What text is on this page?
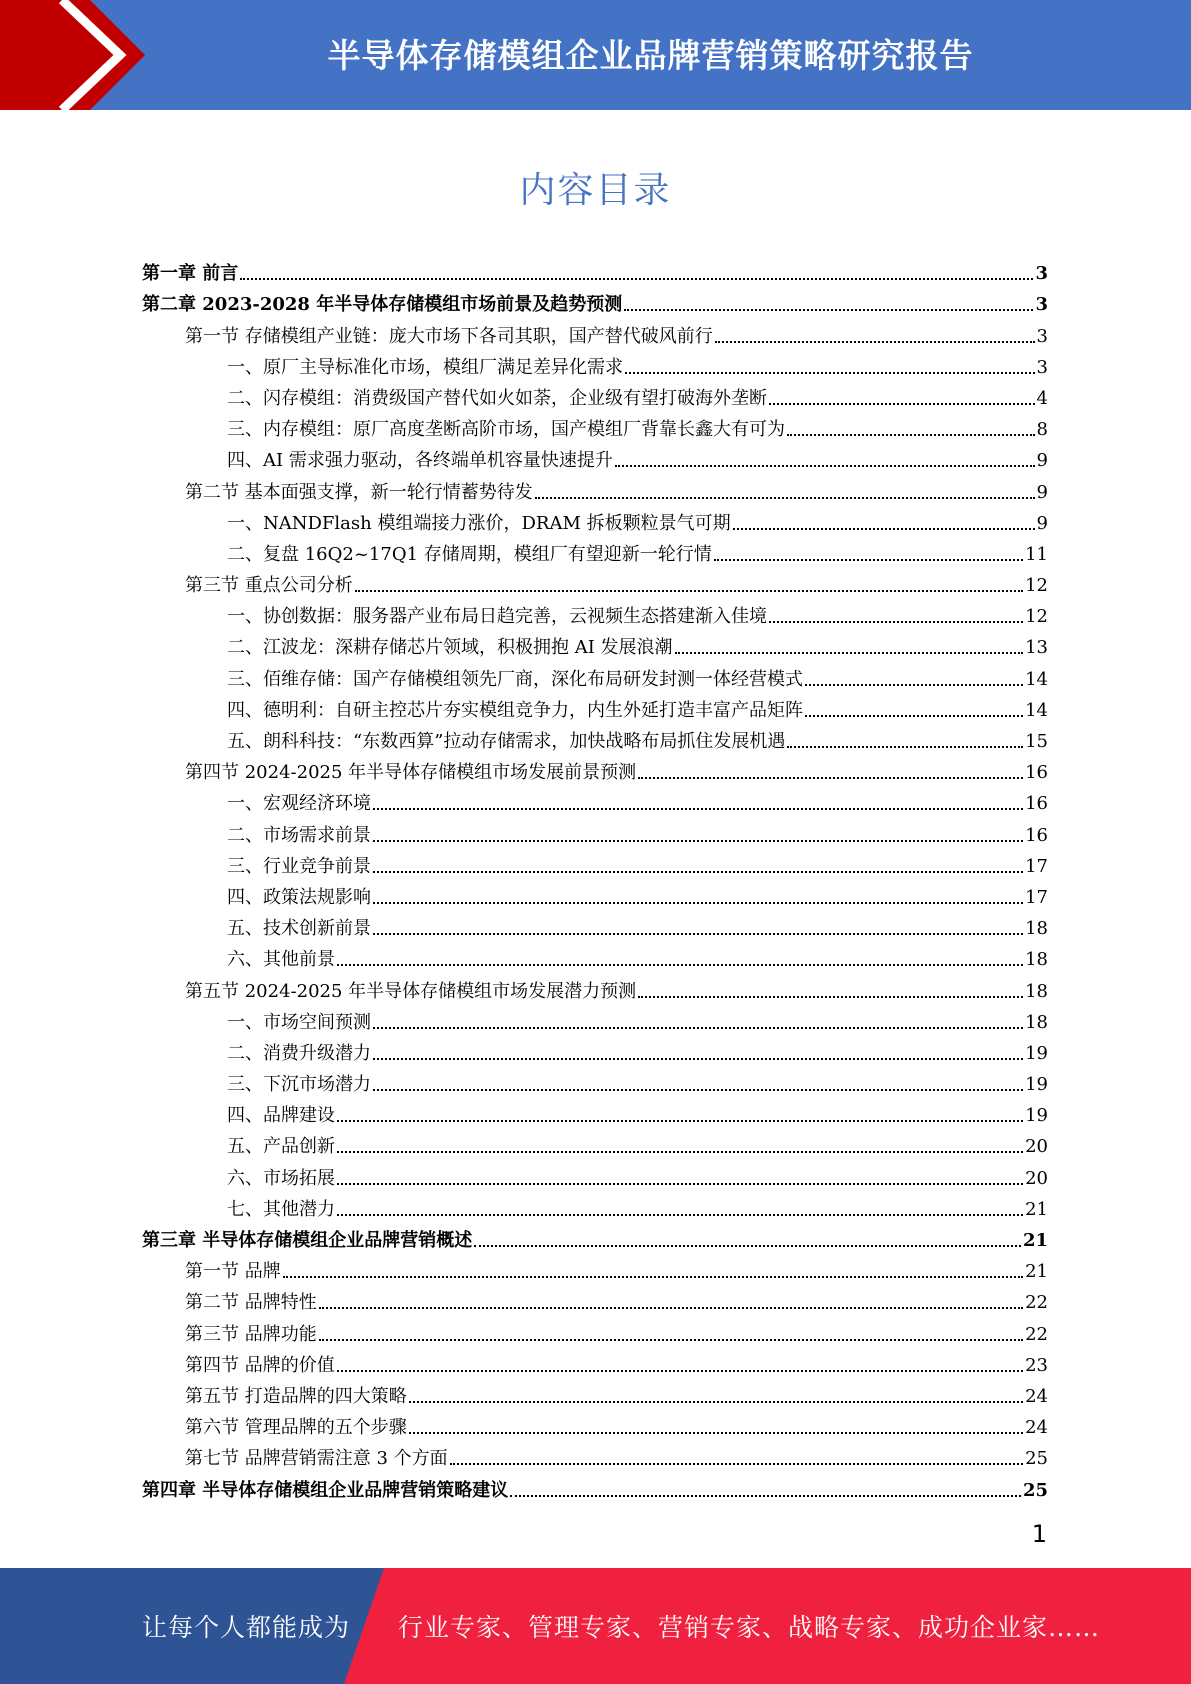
半导体存储模组企业品牌营销策略研究报告
内容目录
第一章 前言	3
第二章 2023-2028 年半导体存储模组市场前景及趋势预测	3
第一节 存储模组产业链：庞大市场下各司其职，国产替代破风前行	3
一、原厂主导标准化市场，模组厂满足差异化需求	3
二、闪存模组：消费级国产替代如火如荼，企业级有望打破海外垄断	4
三、内存模组：原厂高度垄断高阶市场，国产模组厂背靠长鑫大有可为	8
四、AI 需求强力驱动，各终端单机容量快速提升	9
第二节 基本面强支撑，新一轮行情蓄势待发	9
一、NANDFlash 模组端接力涨价，DRAM 拆板颗粒景气可期	9
二、复盘 16Q2~17Q1 存储周期，模组厂有望迎新一轮行情	11
第三节 重点公司分析	12
一、协创数据：服务器产业布局日趋完善，云视频生态搭建渐入佳境	12
二、江波龙：深耕存储芯片领域，积极拥抱 AI 发展浪潮	13
三、佰维存储：国产存储模组领先厂商，深化布局研发封测一体经营模式	14
四、德明利：自研主控芯片夯实模组竞争力，内生外延打造丰富产品矩阵	14
五、朗科科技：“东数西算”拉动存储需求，加快战略布局抓住发展机遇	15
第四节 2024-2025 年半导体存储模组市场发展前景预测	16
一、宏观经济环境	16
二、市场需求前景	16
三、行业竞争前景	17
四、政策法规影响	17
五、技术创新前景	18
六、其他前景	18
第五节 2024-2025 年半导体存储模组市场发展潜力预测	18
一、市场空间预测	18
二、消费升级潜力	19
三、下沉市场潜力	19
四、品牌建设	19
五、产品创新	20
六、市场拓展	20
七、其他潜力	21
第三章 半导体存储模组企业品牌营销概述	21
第一节 品牌	21
第二节 品牌特性	22
第三节 品牌功能	22
第四节 品牌的价值	23
第五节 打造品牌的四大策略	24
第六节 管理品牌的五个步骤	24
第七节 品牌营销需注意 3 个方面	25
第四章 半导体存储模组企业品牌营销策略建议	25
1
让每个人都能成为 行业专家、管理专家、营销专家、战略专家、成功企业家……
